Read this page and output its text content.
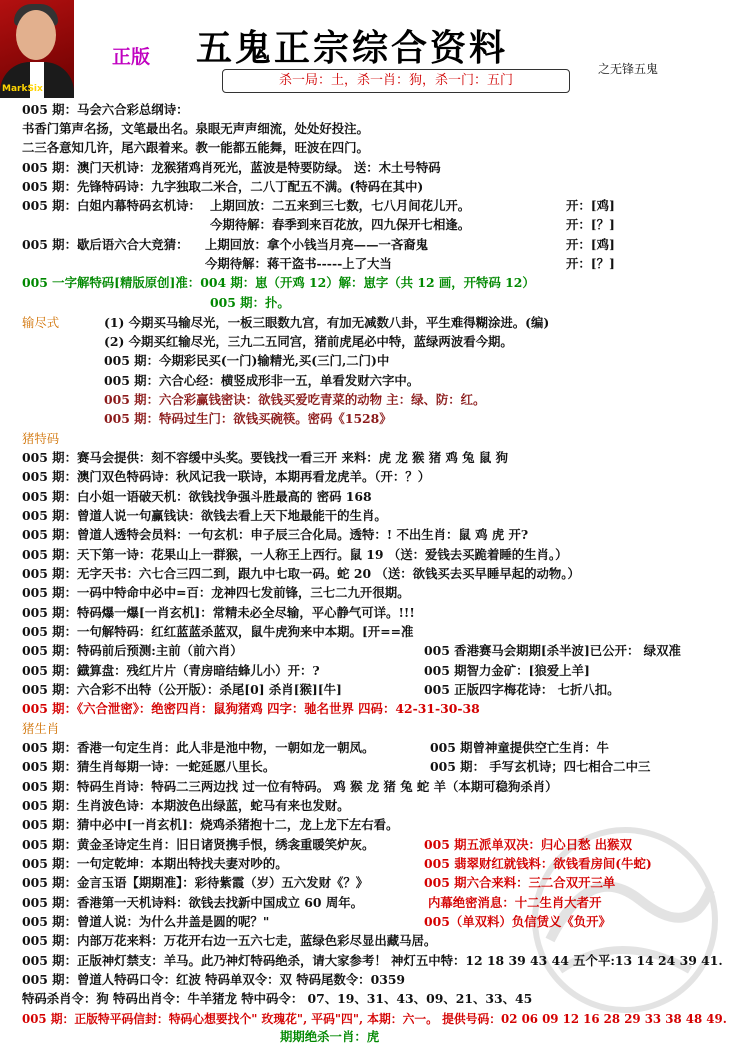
MarkSix
正版 五鬼正宗综合资料
杀一局：土，杀一肖：狗，杀一门：五门
之无锋五鬼
005 期：马会六合彩总纲诗：
书香门第声名扬，文笔最出名。泉眼无声声细流，处处好投注。
二三各意知几许，尾六跟着来。教一能都五能舞，旺波在四门。
005 期：澳门天机诗：龙猴猪鸡肖死光，蓝波是特要防绿。 送：木土号特码
005 期：先锋特码诗：九字独取二米合，二八丁配五不满。(特码在其中)
005 期：白姐内幕特码玄机诗： 上期回放：二五来到三七数，七八月间花儿开。	开：[鸡]
今期待解：春季到来百花放，四九保开七相逢。	开：[？]
005 期：歇后语六合大竞猜： 上期回放：拿个小钱当月亮——一吝裔鬼	开：[鸡]
今期待解：蒋干盗书-----上了大当	开：[？]
005 一字解特码[精版原创]准：004 期：崽（开鸡 12）解：崽字（共 12 画，开特码 12）
005 期：扑。
输尽式	(1) 今期买马输尽光，一板三眼数九宫，有加无减数八卦，平生难得糊涂进。(编)
(2) 今期买红输尽光，三九二五同宫，猪前虎尾必中特，蓝绿两波看今期。
005 期：今期彩民买(一门)输精光,买(三门,二门)中
005 期：六合心经：横竖成形非一五，单看发财六字中。
005 期：六合彩赢钱密诀：欲钱买爱吃青菜的动物 主：绿、防：红。
005 期：特码过生门：欲钱买碗筷。密码《1528》
猪特码
005 期：赛马会提供：刻不容缓中头奖。要钱找一看三开 来料：虎 龙 猴 猪 鸡 兔 鼠 狗
005 期：澳门双色特码诗：秋风记我一联诗，本期再看龙虎羊。（开：？）
005 期：白小姐一语破天机：欲钱找争强斗胜最高的 密码 168
005 期：曾道人说一句赢钱诀：欲钱去看上天下地最能干的生肖。
005 期：曾道人透特会员料：一句玄机：申子辰三合化局。透特：! 不出生肖：鼠 鸡 虎 开?
005 期：天下第一诗：花果山上一群猴，一人称王上西行。鼠 19 （送：爱钱去买跪着睡的生肖。）
005 期：无字天书：六七合三四二到，跟九中七取一码。蛇 20 （送：欲钱买去买早睡早起的动物。）
005 期：一码中特命中必中=百：龙神四七发前锋，三七二九开很期。
005 期：特码爆一爆[一肖玄机]：常精未必全尽输，平心静气可详。!!!
005 期：一句解特码：红红蓝蓝杀蓝双，鼠牛虎狗来中本期。[开==准
005 期：特码前后预测:主前（前六肖）	005 香港赛马会期期[杀半波]已公开： 绿双准
005 期：鐡算盘：残红片片（青房暗结蜂儿小）开：?	005 期智力金矿：[狼爱上羊]
005 期：六合彩不出特（公开版）：杀尾[0] 杀肖[猴][牛]	005 正版四字梅花诗： 七折八扣。
005 期：《六合泄密》：绝密四肖：鼠狗猪鸡 四字：驰名世界 四码：42-31-30-38
猪生肖
005 期：香港一句定生肖：此人非是池中物，一朝如龙一朝凤。	005 期曾神童提供空亡生肖：牛
005 期：猜生肖每期一诗：一蛇延愿八里长。	005 期： 手写玄机诗；四七相合二中三
005 期：特码生肖诗：特码二三两边找 过一位有特码。 鸡 猴 龙 猪 兔 蛇 羊（本期可稳狗杀肖）
005 期：生肖波色诗：本期波色出绿蓝，蛇马有来也发财。
005 期：猜中必中[一肖玄机]：烧鸡杀猪抱十二，龙上龙下左右看。
005 期：黄金圣诗定生肖：旧日诸贤携手恨，绣衾重暖笑炉灰。	005 期五派单双决：归心日愁 出猴双
005 期：一句定乾坤：本期出特找夫妻对吵的。	005 翡翠财红就钱料：欲钱看房间(牛蛇)
005 期：金言玉语【期期准】：彩待紫霞（岁）五六发财《？》	005 期六合来料：三二合双开三单
005 期：香港第一天机诗料：欲钱去找新中国成立 60 周年。	内幕绝密消息：十二生肖大者开
005 期：曾道人说：为什么井盖是圆的呢？"	005（单双料）负信赁义《负开》
005 期：内部万花来料：万花开右边一五六七走，蓝绿色彩尽显出藏马居。
005 期：正版神灯禁支：羊马。此乃神灯特码绝杀，请大家参考！ 神灯五中特：12 18 39 43 44 五个平:13 14 24 39 41.
005 期：曾道人特码口令：红波 特码单双令：双 特码尾数令：0359
特码杀肖令：狗 特码出肖令：牛羊猪龙 特中码令： 07、19、31、43、09、21、33、45
005 期：正版特平码信封：特码心想要找个" 玫瑰花", 平码"四", 本期：六一。 提供号码：02 06 09 12 16 28 29 33 38 48 49.
期期绝杀一肖：虎
